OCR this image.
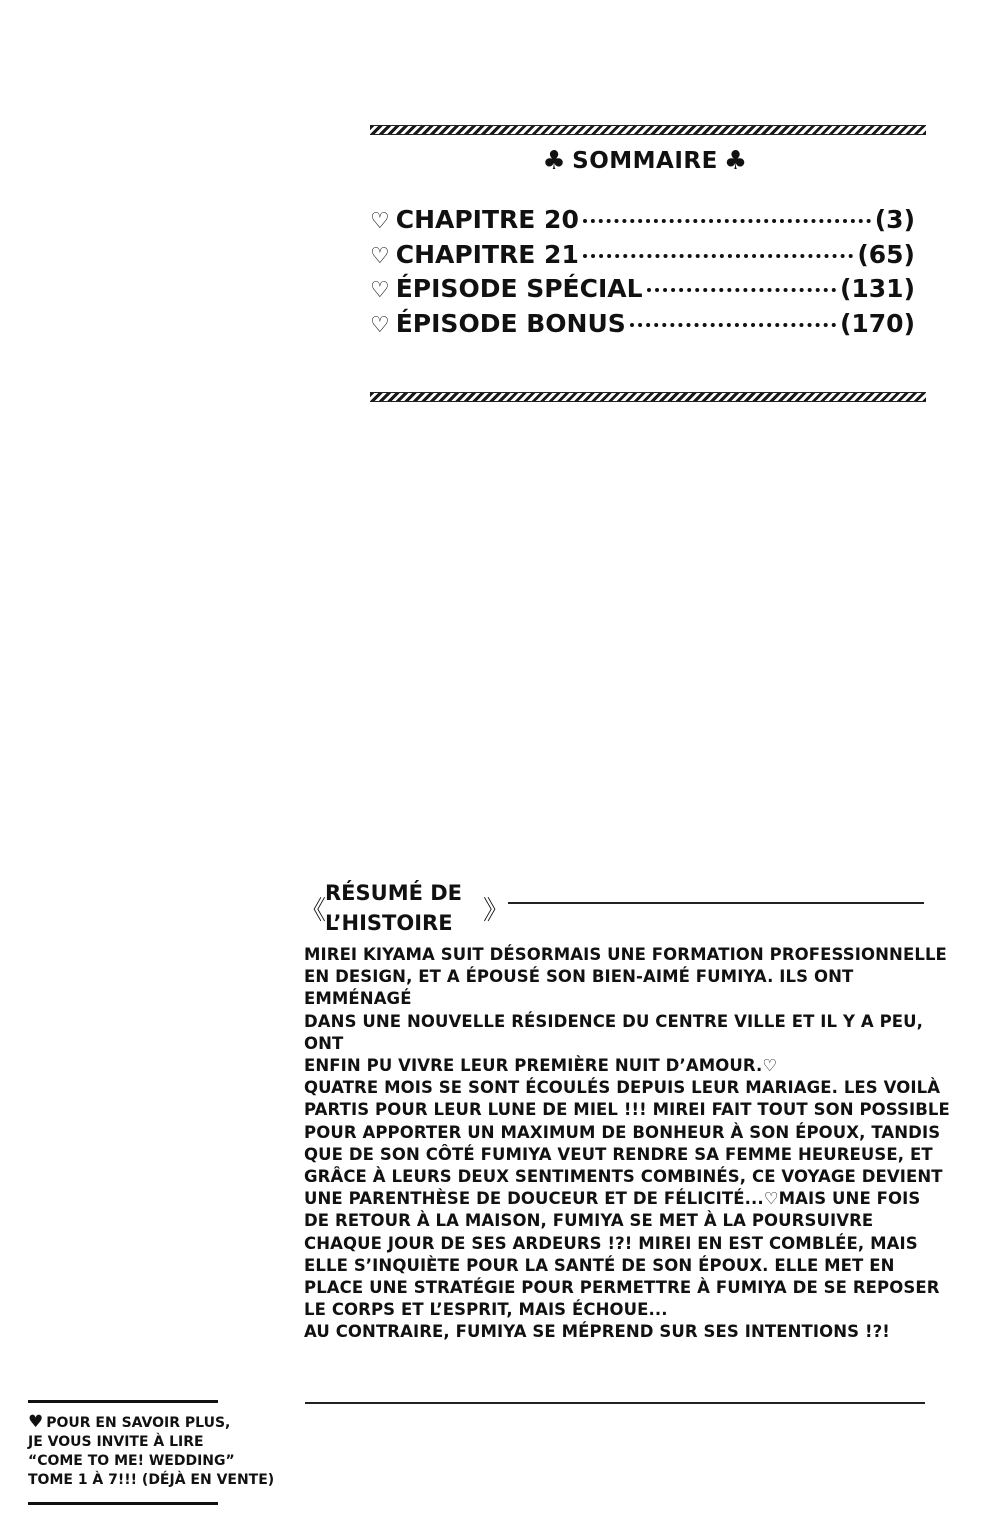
♣ SOMMAIRE ♣
♡ CHAPITRE 20	(3)
♡ CHAPITRE 21	(65)
♡ ÉPISODE SPÉCIAL	(131)
♡ ÉPISODE BONUS	(170)
《
RÉSUMÉ DE L’HISTOIRE	》

MIREI KIYAMA SUIT DÉSORMAIS UNE FORMATION PROFESSIONNELLE
EN DESIGN, ET A ÉPOUSÉ SON BIEN-AIMÉ FUMIYA. ILS ONT EMMÉNAGÉ
DANS UNE NOUVELLE RÉSIDENCE DU CENTRE VILLE ET IL Y A PEU, ONT
ENFIN PU VIVRE LEUR PREMIÈRE NUIT D’AMOUR.♡
QUATRE MOIS SE SONT ÉCOULÉS DEPUIS LEUR MARIAGE. LES VOILÀ
PARTIS POUR LEUR LUNE DE MIEL !!! MIREI FAIT TOUT SON POSSIBLE
POUR APPORTER UN MAXIMUM DE BONHEUR À SON ÉPOUX, TANDIS
QUE DE SON CÔTÉ FUMIYA VEUT RENDRE SA FEMME HEUREUSE, ET
GRÂCE À LEURS DEUX SENTIMENTS COMBINÉS, CE VOYAGE DEVIENT
UNE PARENTHÈSE DE DOUCEUR ET DE FÉLICITÉ...♡MAIS UNE FOIS
DE RETOUR À LA MAISON, FUMIYA SE MET À LA POURSUIVRE
CHAQUE JOUR DE SES ARDEURS !?! MIREI EN EST COMBLÉE, MAIS
ELLE S’INQUIÈTE POUR LA SANTÉ DE SON ÉPOUX. ELLE MET EN
PLACE UNE STRATÉGIE POUR PERMETTRE À FUMIYA DE SE REPOSER
LE CORPS ET L’ESPRIT, MAIS ÉCHOUE...
AU CONTRAIRE, FUMIYA SE MÉPREND SUR SES INTENTIONS !?!

♥ POUR EN SAVOIR PLUS,
JE VOUS INVITE À LIRE
“COME TO ME! WEDDING”
TOME 1 À 7!!! (DÉJÀ EN VENTE)
